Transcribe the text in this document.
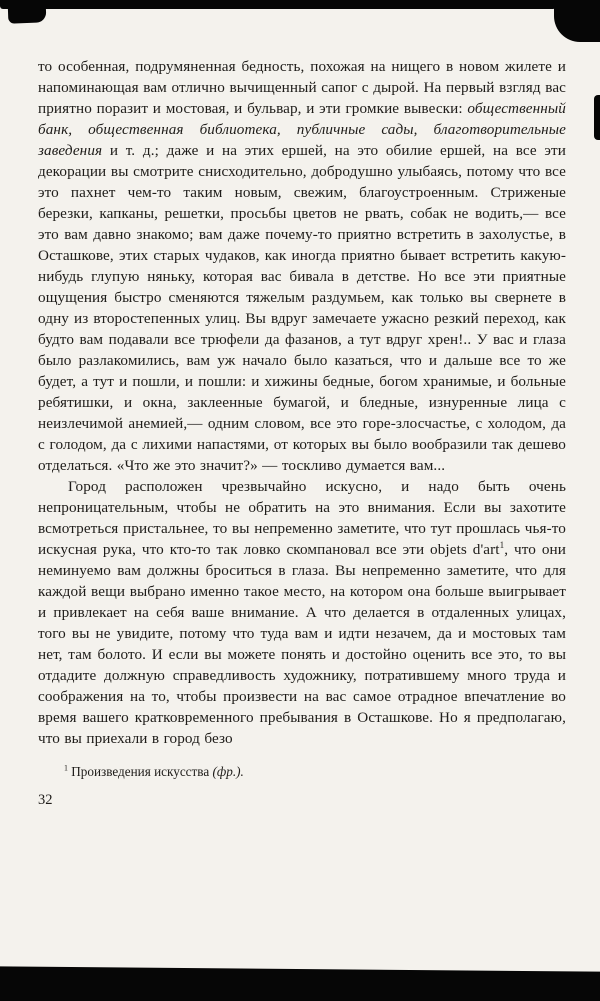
то особенная, подрумяненная бедность, похожая на нищего в новом жилете и напоминающая вам отлично вычищенный сапог с дырой. На первый взгляд вас приятно поразит и мостовая, и бульвар, и эти громкие вывески: общественный банк, общественная библиотека, публичные сады, благотворительные заведения и т. д.; даже и на этих ершей, на это обилие ершей, на все эти декорации вы смотрите снисходительно, добродушно улыбаясь, потому что все это пахнет чем-то таким новым, свежим, благоустроенным. Стриженые березки, капканы, решетки, просьбы цветов не рвать, собак не водить,— все это вам давно знакомо; вам даже почему-то приятно встретить в захолустье, в Осташкове, этих старых чудаков, как иногда приятно бывает встретить какую-нибудь глупую няньку, которая вас бивала в детстве. Но все эти приятные ощущения быстро сменяются тяжелым раздумьем, как только вы свернете в одну из второстепенных улиц. Вы вдруг замечаете ужасно резкий переход, как будто вам подавали все трюфели да фазанов, а тут вдруг хрен!.. У вас и глаза было разлакомились, вам уж начало было казаться, что и дальше все то же будет, а тут и пошли, и пошли: и хижины бедные, богом хранимые, и больные ребятишки, и окна, заклеенные бумагой, и бледные, изнуренные лица с неизлечимой анемией,— одним словом, все это горе-злосчастье, с холодом, да с голодом, да с лихими напастями, от которых вы было вообразили так дешево отделаться. «Что же это значит?» — тоскливо думается вам...

Город расположен чрезвычайно искусно, и надо быть очень непроницательным, чтобы не обратить на это внимания. Если вы захотите всмотреться пристальнее, то вы непременно заметите, что тут прошлась чья-то искусная рука, что кто-то так ловко скомпановал все эти objets d'art$^1$, что они неминуемо вам должны броситься в глаза. Вы непременно заметите, что для каждой вещи выбрано именно такое место, на котором она больше выигрывает и привлекает на себя ваше внимание. А что делается в отдаленных улицах, того вы не увидите, потому что туда вам и идти незачем, да и мостовых там нет, там болото. И если вы можете понять и достойно оценить все это, то вы отдадите должную справедливость художнику, потратившему много труда и соображения на то, чтобы произвести на вас самое отрадное впечатление во время вашего кратковременного пребывания в Осташкове. Но я предполагаю, что вы приехали в город безо

$^1$ Произведения искусства (фр.).
32
